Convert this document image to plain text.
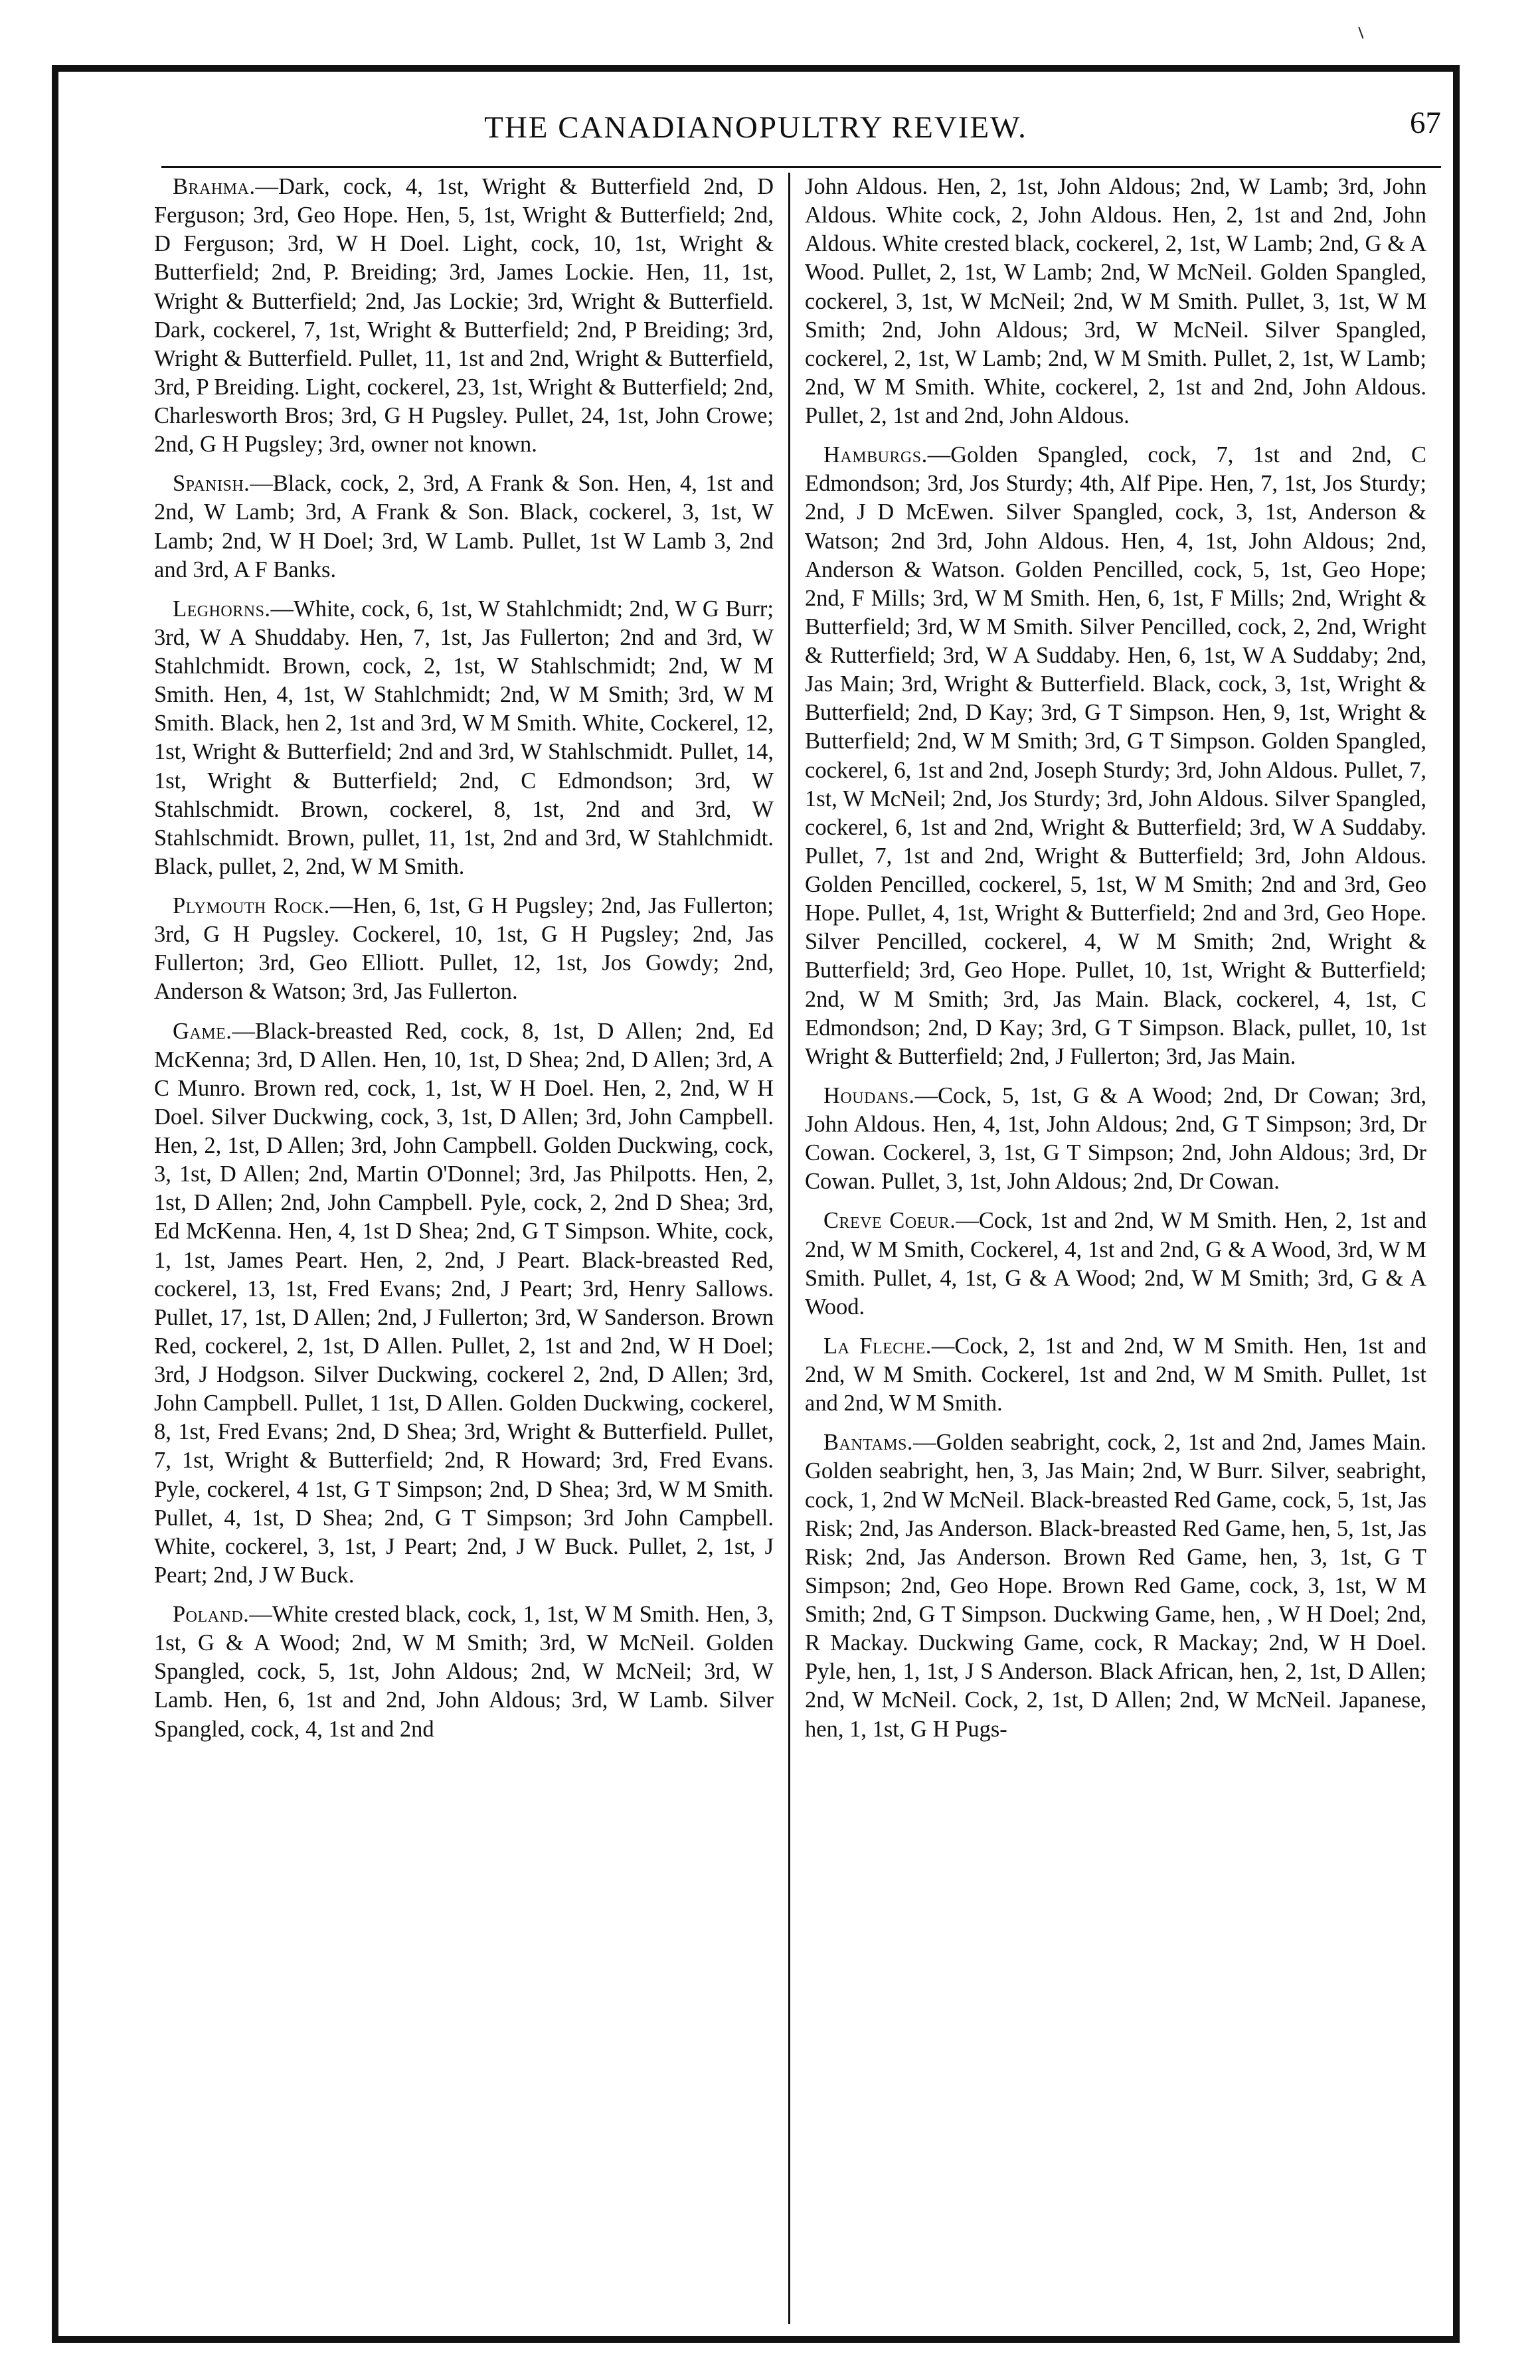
THE CANADIANOPULTRY REVIEW.	67

Brahma.—Dark, cock, 4, 1st, Wright & Butterfield 2nd, D Ferguson; 3rd, Geo Hope. Hen, 5, 1st, Wright & Butterfield; 2nd, D Ferguson; 3rd, W H Doel. Light, cock, 10, 1st, Wright & Butterfield; 2nd, P. Breiding; 3rd, James Lockie. Hen, 11, 1st, Wright & Butterfield; 2nd, Jas Lockie; 3rd, Wright & Butterfield. Dark, cockerel, 7, 1st, Wright & Butterfield; 2nd, P Breiding; 3rd, Wright & Butterfield. Pullet, 11, 1st and 2nd, Wright & Butterfield, 3rd, P Breiding. Light, cockerel, 23, 1st, Wright & Butterfield; 2nd, Charlesworth Bros; 3rd, G H Pugsley. Pullet, 24, 1st, John Crowe; 2nd, G H Pugsley; 3rd, owner not known.

Spanish.—Black, cock, 2, 3rd, A Frank & Son. Hen, 4, 1st and 2nd, W Lamb; 3rd, A Frank & Son. Black, cockerel, 3, 1st, W Lamb; 2nd, W H Doel; 3rd, W Lamb. Pullet, 1st W Lamb 3, 2nd and 3rd, A F Banks.

Leghorns.—White, cock, 6, 1st, W Stahlchmidt; 2nd, W G Burr; 3rd, W A Shuddaby. Hen, 7, 1st, Jas Fullerton; 2nd and 3rd, W Stahlchmidt. Brown, cock, 2, 1st, W Stahlschmidt; 2nd, W M Smith. Hen, 4, 1st, W Stahlchmidt; 2nd, W M Smith; 3rd, W M Smith. Black, hen 2, 1st and 3rd, W M Smith. White, Cockerel, 12, 1st, Wright & Butterfield; 2nd and 3rd, W Stahlschmidt. Pullet, 14, 1st, Wright & Butterfield; 2nd, C Edmondson; 3rd, W Stahlschmidt. Brown, cockerel, 8, 1st, 2nd and 3rd, W Stahlschmidt. Brown, pullet, 11, 1st, 2nd and 3rd, W Stahlchmidt. Black, pullet, 2, 2nd, W M Smith.

Plymouth Rock.—Hen, 6, 1st, G H Pugsley; 2nd, Jas Fullerton; 3rd, G H Pugsley. Cockerel, 10, 1st, G H Pugsley; 2nd, Jas Fullerton; 3rd, Geo Elliott. Pullet, 12, 1st, Jos Gowdy; 2nd, Anderson & Watson; 3rd, Jas Fullerton.

Game.—Black-breasted Red, cock, 8, 1st, D Allen; 2nd, Ed McKenna; 3rd, D Allen. Hen, 10, 1st, D Shea; 2nd, D Allen; 3rd, A C Munro. Brown red, cock, 1, 1st, W H Doel. Hen, 2, 2nd, W H Doel. Silver Duckwing, cock, 3, 1st, D Allen; 3rd, John Campbell. Hen, 2, 1st, D Allen; 3rd, John Campbell. Golden Duckwing, cock, 3, 1st, D Allen; 2nd, Martin O'Donnel; 3rd, Jas Philpotts. Hen, 2, 1st, D Allen; 2nd, John Campbell. Pyle, cock, 2, 2nd D Shea; 3rd, Ed McKenna. Hen, 4, 1st D Shea; 2nd, G T Simpson. White, cock, 1, 1st, James Peart. Hen, 2, 2nd, J Peart. Black-breasted Red, cockerel, 13, 1st, Fred Evans; 2nd, J Peart; 3rd, Henry Sallows. Pullet, 17, 1st, D Allen; 2nd, J Fullerton; 3rd, W Sanderson. Brown Red, cockerel, 2, 1st, D Allen. Pullet, 2, 1st and 2nd, W H Doel; 3rd, J Hodgson. Silver Duckwing, cockerel 2, 2nd, D Allen; 3rd, John Campbell. Pullet, 1 1st, D Allen. Golden Duckwing, cockerel, 8, 1st, Fred Evans; 2nd, D Shea; 3rd, Wright & Butterfield. Pullet, 7, 1st, Wright & Butterfield; 2nd, R Howard; 3rd, Fred Evans. Pyle, cockerel, 4 1st, G T Simpson; 2nd, D Shea; 3rd, W M Smith. Pullet, 4, 1st, D Shea; 2nd, G T Simpson; 3rd John Campbell. White, cockerel, 3, 1st, J Peart; 2nd, J W Buck. Pullet, 2, 1st, J Peart; 2nd, J W Buck.

Poland.—White crested black, cock, 1, 1st, W M Smith. Hen, 3, 1st, G & A Wood; 2nd, W M Smith; 3rd, W McNeil. Golden Spangled, cock, 5, 1st, John Aldous; 2nd, W McNeil; 3rd, W Lamb. Hen, 6, 1st and 2nd, John Aldous; 3rd, W Lamb. Silver Spangled, cock, 4, 1st and 2nd

John Aldous. Hen, 2, 1st, John Aldous; 2nd, W Lamb; 3rd, John Aldous. White cock, 2, John Aldous. Hen, 2, 1st and 2nd, John Aldous. White crested black, cockerel, 2, 1st, W Lamb; 2nd, G & A Wood. Pullet, 2, 1st, W Lamb; 2nd, W McNeil. Golden Spangled, cockerel, 3, 1st, W McNeil; 2nd, W M Smith. Pullet, 3, 1st, W M Smith; 2nd, John Aldous; 3rd, W McNeil. Silver Spangled, cockerel, 2, 1st, W Lamb; 2nd, W M Smith. Pullet, 2, 1st, W Lamb; 2nd, W M Smith. White, cockerel, 2, 1st and 2nd, John Aldous. Pullet, 2, 1st and 2nd, John Aldous.

Hamburgs.—Golden Spangled, cock, 7, 1st and 2nd, C Edmondson; 3rd, Jos Sturdy; 4th, Alf Pipe. Hen, 7, 1st, Jos Sturdy; 2nd, J D McEwen. Silver Spangled, cock, 3, 1st, Anderson & Watson; 2nd 3rd, John Aldous. Hen, 4, 1st, John Aldous; 2nd, Anderson & Watson. Golden Pencilled, cock, 5, 1st, Geo Hope; 2nd, F Mills; 3rd, W M Smith. Hen, 6, 1st, F Mills; 2nd, Wright & Butterfield; 3rd, W M Smith. Silver Pencilled, cock, 2, 2nd, Wright & Rutterfield; 3rd, W A Suddaby. Hen, 6, 1st, W A Suddaby; 2nd, Jas Main; 3rd, Wright & Butterfield. Black, cock, 3, 1st, Wright & Butterfield; 2nd, D Kay; 3rd, G T Simpson. Hen, 9, 1st, Wright & Butterfield; 2nd, W M Smith; 3rd, G T Simpson. Golden Spangled, cockerel, 6, 1st and 2nd, Joseph Sturdy; 3rd, John Aldous. Pullet, 7, 1st, W McNeil; 2nd, Jos Sturdy; 3rd, John Aldous. Silver Spangled, cockerel, 6, 1st and 2nd, Wright & Butterfield; 3rd, W A Suddaby. Pullet, 7, 1st and 2nd, Wright & Butterfield; 3rd, John Aldous. Golden Pencilled, cockerel, 5, 1st, W M Smith; 2nd and 3rd, Geo Hope. Pullet, 4, 1st, Wright & Butterfield; 2nd and 3rd, Geo Hope. Silver Pencilled, cockerel, 4, W M Smith; 2nd, Wright & Butterfield; 3rd, Geo Hope. Pullet, 10, 1st, Wright & Butterfield; 2nd, W M Smith; 3rd, Jas Main. Black, cockerel, 4, 1st, C Edmondson; 2nd, D Kay; 3rd, G T Simpson. Black, pullet, 10, 1st Wright & Butterfield; 2nd, J Fullerton; 3rd, Jas Main.

Houdans.—Cock, 5, 1st, G & A Wood; 2nd, Dr Cowan; 3rd, John Aldous. Hen, 4, 1st, John Aldous; 2nd, G T Simpson; 3rd, Dr Cowan. Cockerel, 3, 1st, G T Simpson; 2nd, John Aldous; 3rd, Dr Cowan. Pullet, 3, 1st, John Aldous; 2nd, Dr Cowan.

Creve Coeur.—Cock, 1st and 2nd, W M Smith. Hen, 2, 1st and 2nd, W M Smith, Cockerel, 4, 1st and 2nd, G & A Wood, 3rd, W M Smith. Pullet, 4, 1st, G & A Wood; 2nd, W M Smith; 3rd, G & A Wood.

La Fleche.—Cock, 2, 1st and 2nd, W M Smith. Hen, 1st and 2nd, W M Smith. Cockerel, 1st and 2nd, W M Smith. Pullet, 1st and 2nd, W M Smith.

Bantams.—Golden seabright, cock, 2, 1st and 2nd, James Main. Golden seabright, hen, 3, Jas Main; 2nd, W Burr. Silver, seabright, cock, 1, 2nd W McNeil. Black-breasted Red Game, cock, 5, 1st, Jas Risk; 2nd, Jas Anderson. Black-breasted Red Game, hen, 5, 1st, Jas Risk; 2nd, Jas Anderson. Brown Red Game, hen, 3, 1st, G T Simpson; 2nd, Geo Hope. Brown Red Game, cock, 3, 1st, W M Smith; 2nd, G T Simpson. Duckwing Game, hen, , W H Doel; 2nd, R Mackay. Duckwing Game, cock, R Mackay; 2nd, W H Doel. Pyle, hen, 1, 1st, J S Anderson. Black African, hen, 2, 1st, D Allen; 2nd, W McNeil. Cock, 2, 1st, D Allen; 2nd, W McNeil. Japanese, hen, 1, 1st, G H Pugs-
